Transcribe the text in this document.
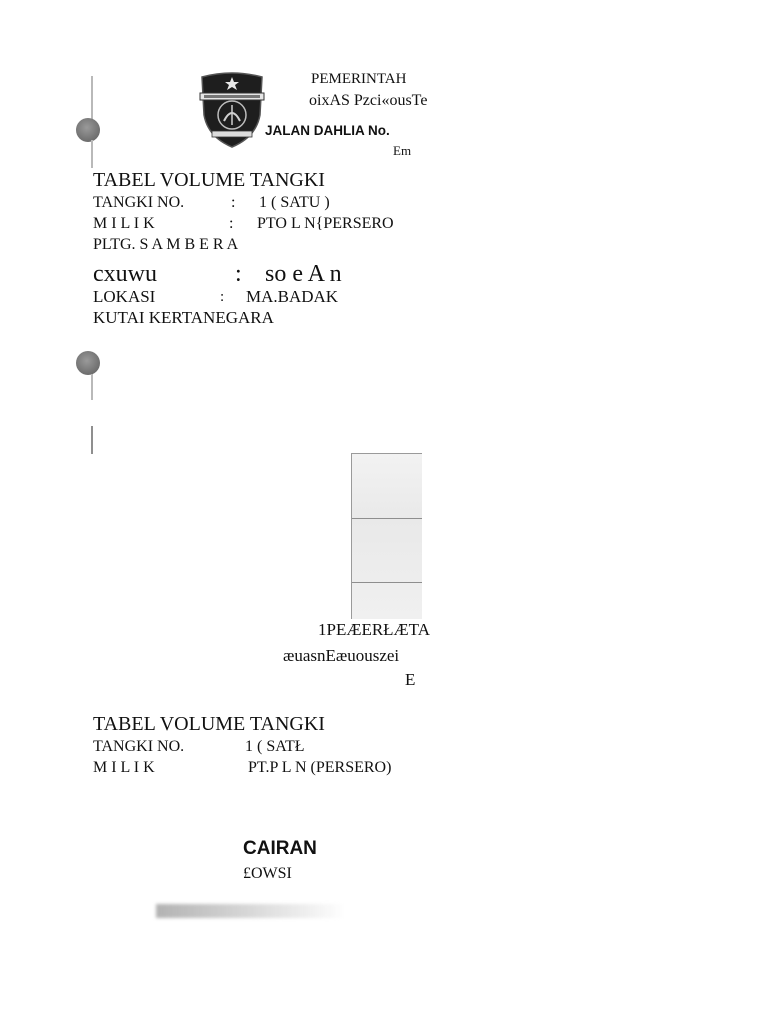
PEMERINTAH
oixAS Pzci«ousTe
JALAN DAHLIA No.
Em
TABEL VOLUME TANGKI
TANGKI NO.	: 1 ( SATU )
M I L I K	: PTO L N{PERSERO
PLTG. S A M B E R A
cxuwu	: so e A n
LOKASI	: MA.BADAK
KUTAI KERTANEGARA
1PEÆERŁÆTA
æuasnEæuouszei
E
TABEL VOLUME TANGKI
TANGKI NO.	1 ( SATŁ
M I L I K	PT.P L N (PERSERO)
CAIRAN
£OWSI
